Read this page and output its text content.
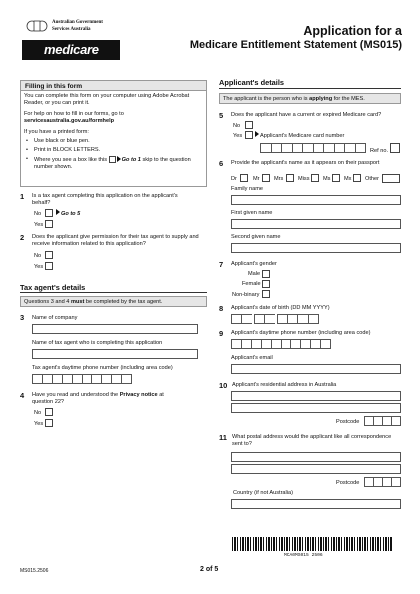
Australian Government
Services Australia
medicare
Application for a
Medicare Entitlement Statement (MS015)
Filling in this form
You can complete this form on your computer using Adobe Acrobat Reader, or you can print it.
For help on how to fill in our forms, go to
servicesaustralia.gov.au/formhelp
If you have a printed form:
• Use black or blue pen.
• Print in BLOCK LETTERS.
• Where you see a box like this	Go to 1 skip to the question number shown.
1 Is a tax agent completing this application on the applicant's behalf?
No	Go to 5
Yes
2 Does the applicant give permission for their tax agent to supply and receive information related to this application?
No
Yes
Tax agent's details
Questions 3 and 4 must be completed by the tax agent.
3 Name of company
Name of tax agent who is completing this application
Tax agent's daytime phone number (including area code)
4 Have you read and understood the Privacy notice at question 22?
No
Yes
Applicant's details
The applicant is the person who is applying for the MES.
5 Does the applicant have a current or expired Medicare card?
No
Yes	Applicant's Medicare card number
Ref no.
6 Provide the applicant's name as it appears on their passport
Dr	Mr	Mrs	Miss Ms Mx Other
Family name
First given name
Second given name
7 Applicant's gender
Male
Female
Non-binary
8 Applicant's date of birth (DD MM YYYY)
9 Applicant's daytime phone number (including area code)
Applicant's email
10 Applicant's residential address in Australia
Postcode
11 What postal address would the applicant like all correspondence sent to?
Postcode
Country (if not Australia)
MCA0MS015 2506
MS015.2506	2 of 5
